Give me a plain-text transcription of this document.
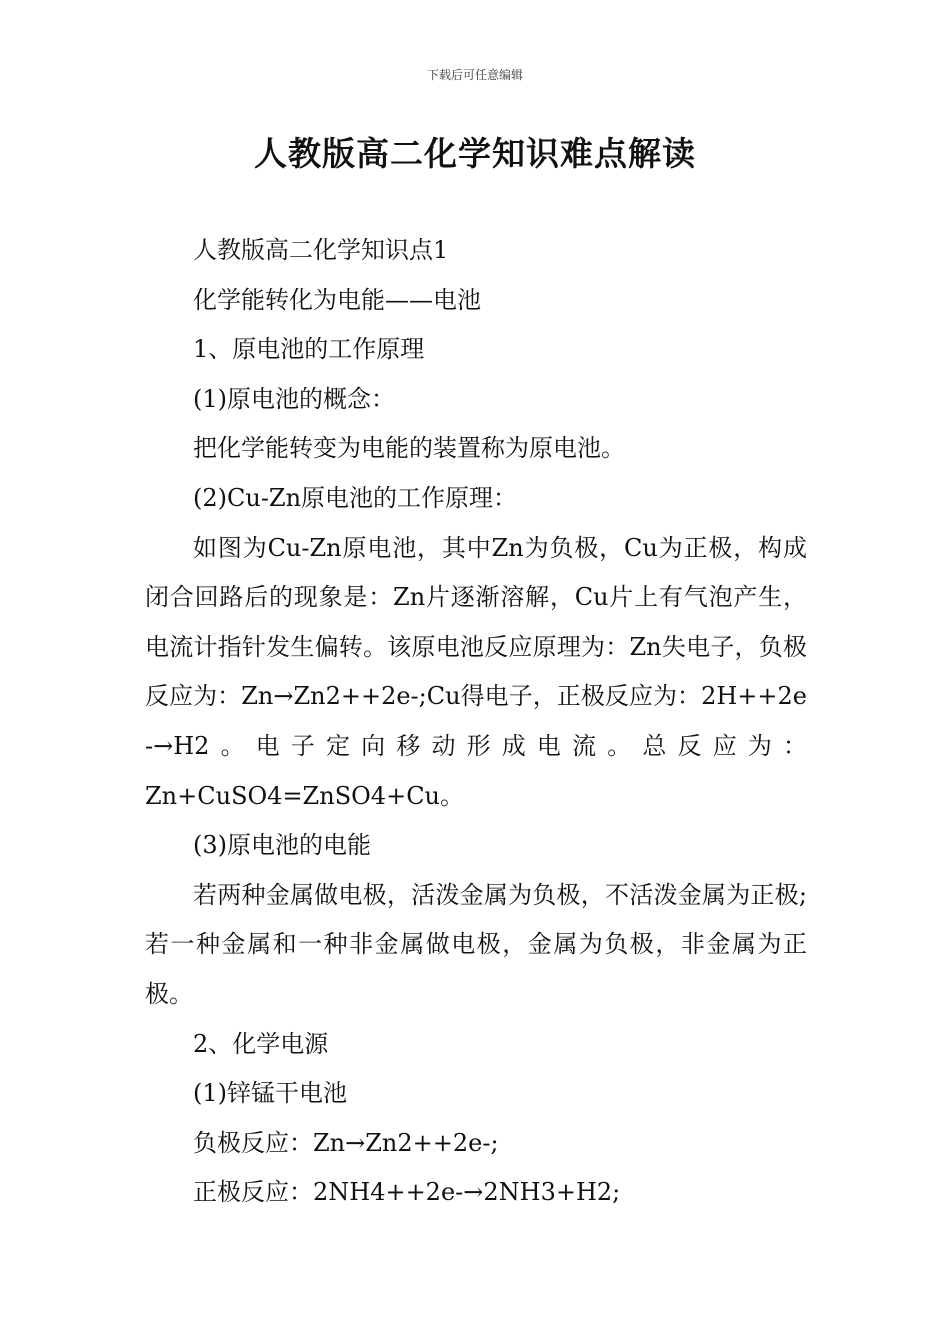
下载后可任意编辑
人教版高二化学知识难点解读

人教版高二化学知识点1

化学能转化为电能——电池

1、原电池的工作原理

(1)原电池的概念：

把化学能转变为电能的装置称为原电池。

(2)Cu-Zn原电池的工作原理：

如图为Cu-Zn原电池，其中Zn为负极，Cu为正极，构成闭合回路后的现象是：Zn片逐渐溶解，Cu片上有气泡产生，电流计指针发生偏转。该原电池反应原理为：Zn失电子，负极反应为：Zn→Zn2++2e-;Cu得电子，正极反应为：2H++2e-→H2。电子定向移动形成电流。总反应为：

Zn+CuSO4=ZnSO4+Cu。

(3)原电池的电能

若两种金属做电极，活泼金属为负极，不活泼金属为正极;若一种金属和一种非金属做电极，金属为负极，非金属为正极。

2、化学电源

(1)锌锰干电池

负极反应：Zn→Zn2++2e-;

正极反应：2NH4++2e-→2NH3+H2;
